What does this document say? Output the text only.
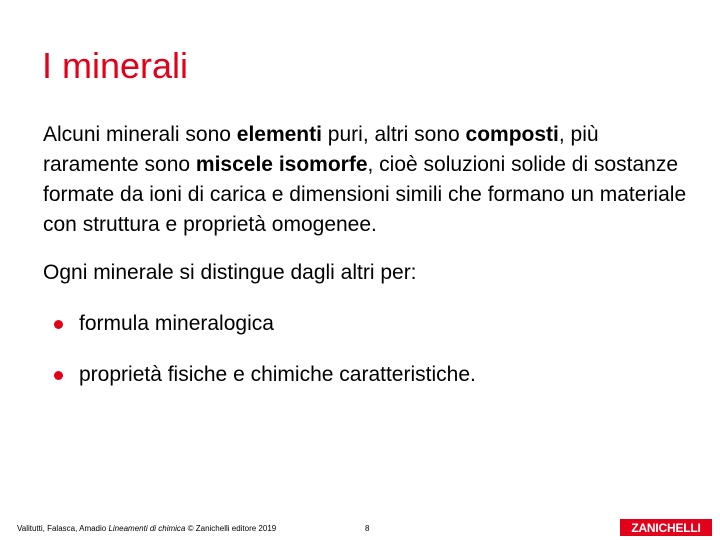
I minerali
Alcuni minerali sono elementi puri, altri sono composti, più raramente sono miscele isomorfe, cioè soluzioni solide di sostanze formate da ioni di carica e dimensioni simili che formano un materiale con struttura e proprietà omogenee.
Ogni minerale si distingue dagli altri per:
formula mineralogica
proprietà fisiche e chimiche caratteristiche.
Valitutti, Falasca, Amadio Lineamenti di chimica © Zanichelli editore 2019	8	ZANICHELLI
